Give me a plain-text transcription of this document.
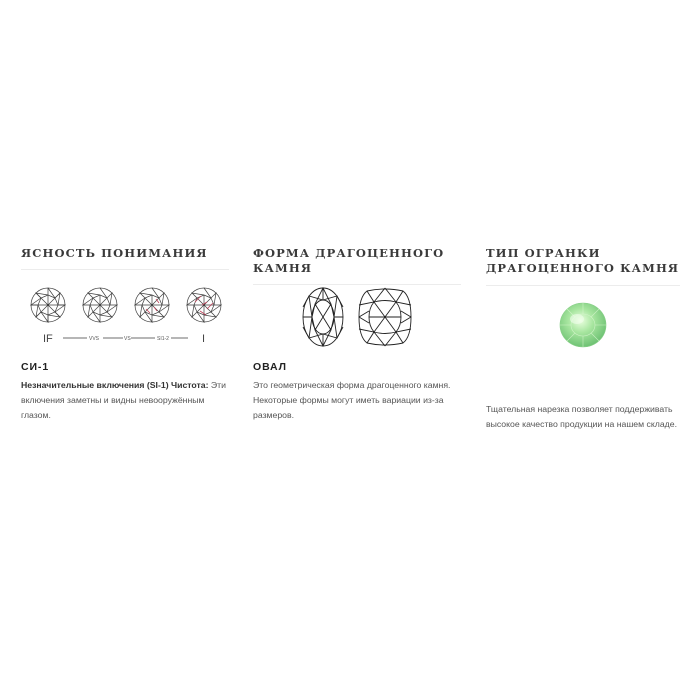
ЯСНОСТЬ ПОНИМАНИЯ
IF	VVS	VS	SI1-2	I
СИ-1
Незначительные включения (SI-1) Чистота: Эти включения заметны и видны невооружённым глазом.
ФОРМА ДРАГОЦЕННОГО КАМНЯ
ОВАЛ
Это геометрическая форма драгоценного камня. Некоторые формы могут иметь вариации из-за размеров.
ТИП ОГРАНКИ ДРАГОЦЕННОГО КАМНЯ
Тщательная нарезка позволяет поддерживать высокое качество продукции на нашем складе.
